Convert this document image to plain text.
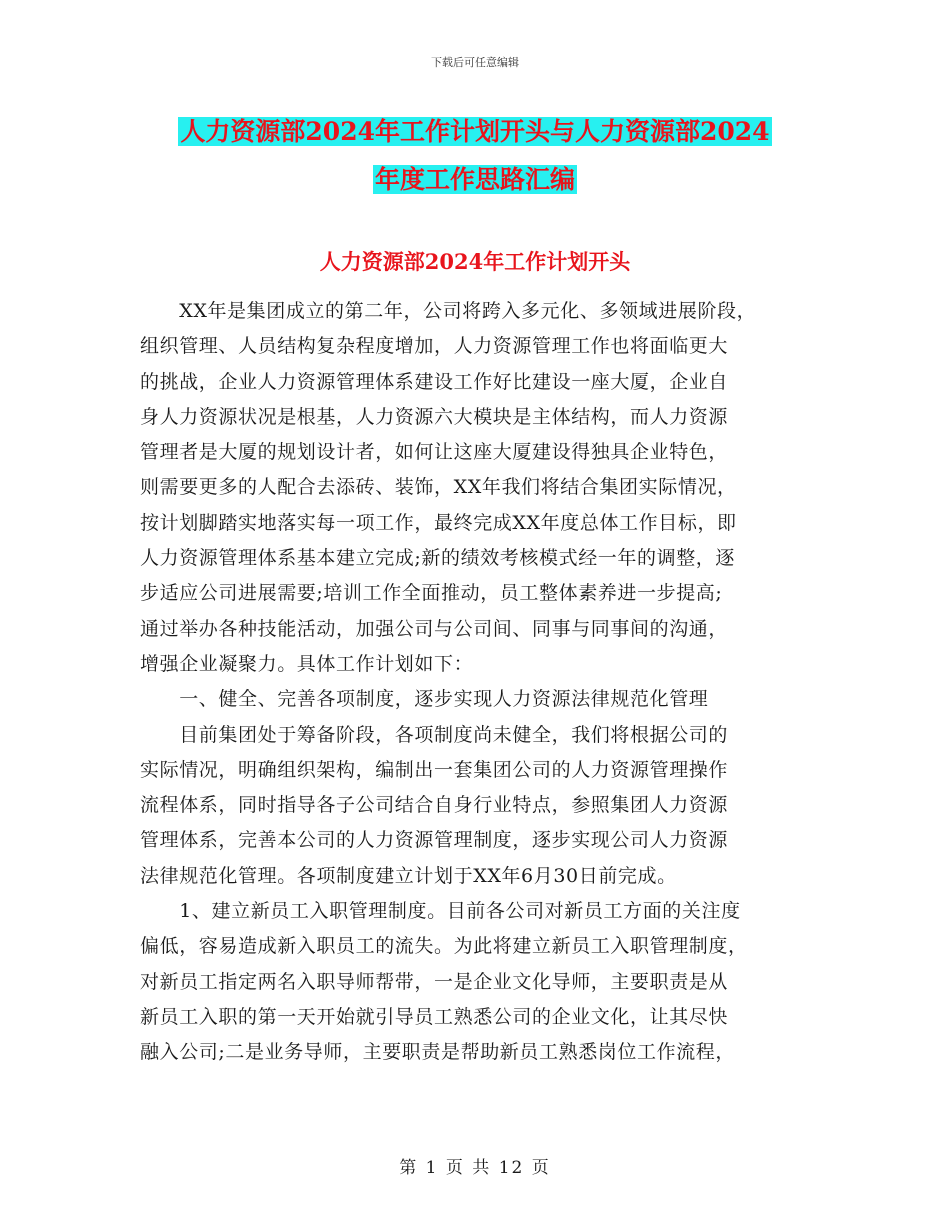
下载后可任意编辑
人力资源部2024年工作计划开头与人力资源部2024
年度工作思路汇编
人力资源部2024年工作计划开头

　　XX年是集团成立的第二年，公司将跨入多元化、多领域进展阶段，

组织管理、人员结构复杂程度增加，人力资源管理工作也将面临更大

的挑战，企业人力资源管理体系建设工作好比建设一座大厦，企业自

身人力资源状况是根基，人力资源六大模块是主体结构，而人力资源

管理者是大厦的规划设计者，如何让这座大厦建设得独具企业特色，

则需要更多的人配合去添砖、装饰，XX年我们将结合集团实际情况，

按计划脚踏实地落实每一项工作，最终完成XX年度总体工作目标，即

人力资源管理体系基本建立完成;新的绩效考核模式经一年的调整，逐

步适应公司进展需要;培训工作全面推动，员工整体素养进一步提高;

通过举办各种技能活动，加强公司与公司间、同事与同事间的沟通，

增强企业凝聚力。具体工作计划如下：

　　一、健全、完善各项制度，逐步实现人力资源法律规范化管理

　　目前集团处于筹备阶段，各项制度尚未健全，我们将根据公司的

实际情况，明确组织架构，编制出一套集团公司的人力资源管理操作

流程体系，同时指导各子公司结合自身行业特点，参照集团人力资源

管理体系，完善本公司的人力资源管理制度，逐步实现公司人力资源

法律规范化管理。各项制度建立计划于XX年6月30日前完成。

　　1、建立新员工入职管理制度。目前各公司对新员工方面的关注度

偏低，容易造成新入职员工的流失。为此将建立新员工入职管理制度，

对新员工指定两名入职导师帮带，一是企业文化导师，主要职责是从

新员工入职的第一天开始就引导员工熟悉公司的企业文化，让其尽快

融入公司;二是业务导师，主要职责是帮助新员工熟悉岗位工作流程，

第 1 页 共 12 页
